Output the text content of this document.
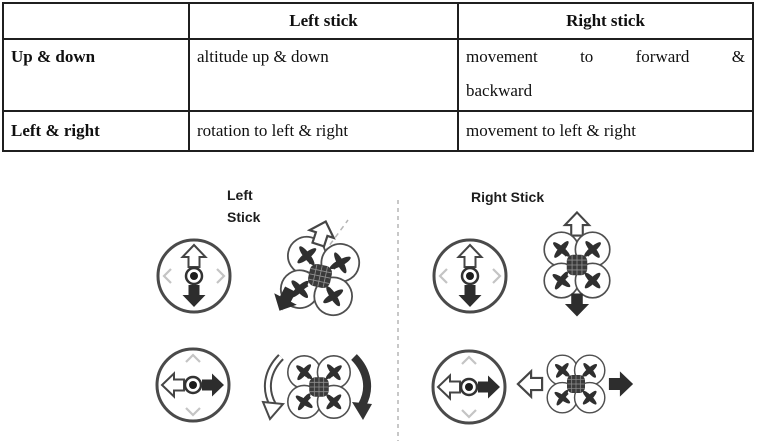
	Left stick	Right stick
Up & down	altitude up & down	movement to forward &
backward

Left & right	rotation to left & right	movement to left & right
Left
Stick
Right Stick
